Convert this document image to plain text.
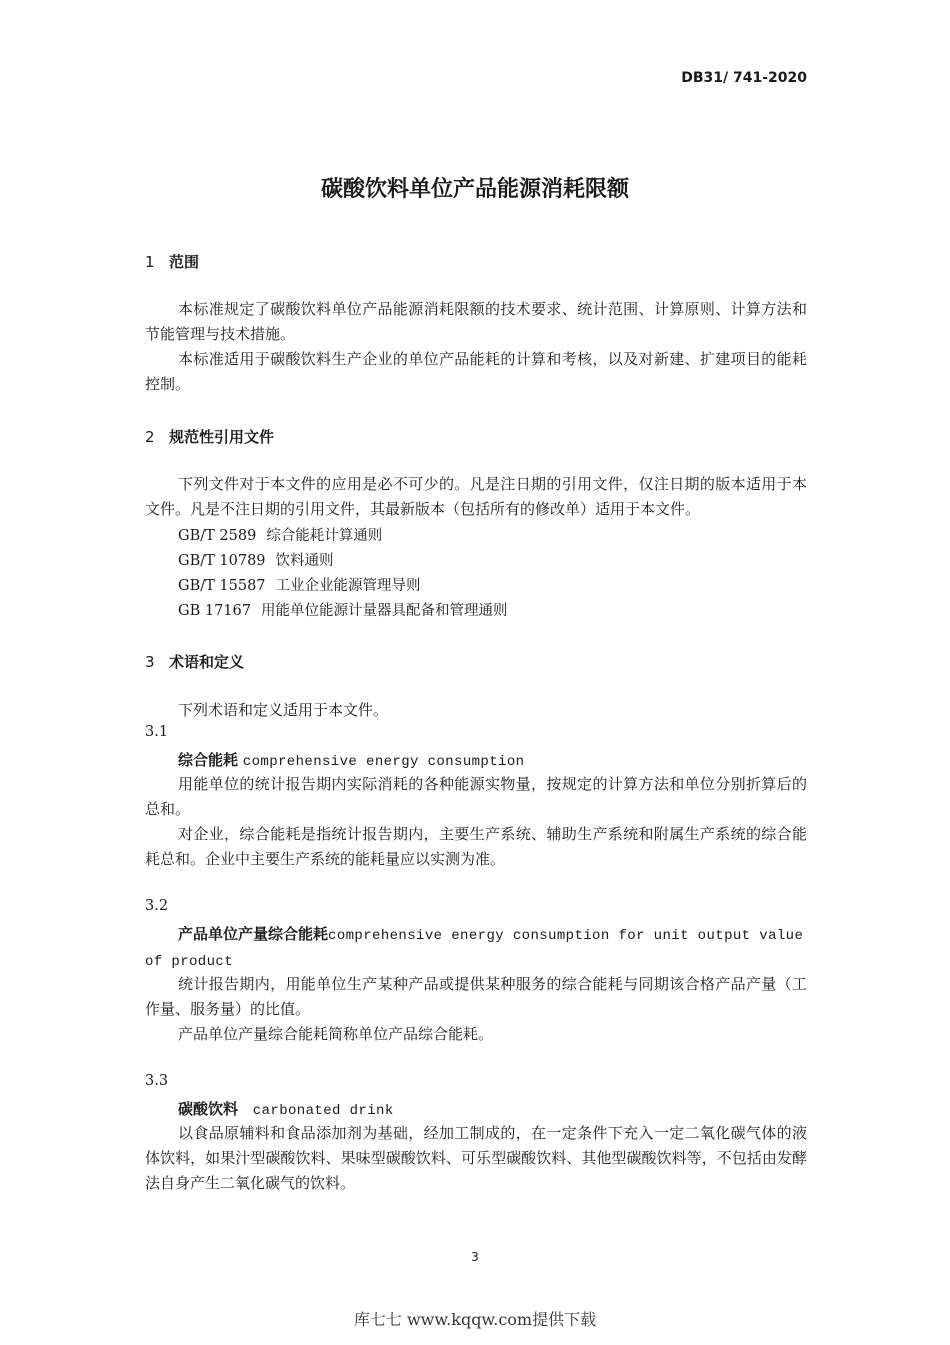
DB31/ 741-2020
碳酸饮料单位产品能源消耗限额
1 范围
本标准规定了碳酸饮料单位产品能源消耗限额的技术要求、统计范围、计算原则、计算方法和节能管理与技术措施。
本标准适用于碳酸饮料生产企业的单位产品能耗的计算和考核，以及对新建、扩建项目的能耗控制。
2 规范性引用文件
下列文件对于本文件的应用是必不可少的。凡是注日期的引用文件，仅注日期的版本适用于本文件。凡是不注日期的引用文件，其最新版本（包括所有的修改单）适用于本文件。
GB/T 2589 综合能耗计算通则
GB/T 10789 饮料通则
GB/T 15587 工业企业能源管理导则
GB 17167 用能单位能源计量器具配备和管理通则
3 术语和定义
下列术语和定义适用于本文件。
3.1
综合能耗 comprehensive energy consumption
用能单位的统计报告期内实际消耗的各种能源实物量，按规定的计算方法和单位分别折算后的总和。
对企业，综合能耗是指统计报告期内，主要生产系统、辅助生产系统和附属生产系统的综合能耗总和。企业中主要生产系统的能耗量应以实测为准。
3.2
产品单位产量综合能耗comprehensive energy consumption for unit output value of product
统计报告期内，用能单位生产某种产品或提供某种服务的综合能耗与同期该合格产品产量（工作量、服务量）的比值。
产品单位产量综合能耗简称单位产品综合能耗。
3.3
碳酸饮料 carbonated drink
以食品原辅料和食品添加剂为基础，经加工制成的，在一定条件下充入一定二氧化碳气体的液体饮料，如果汁型碳酸饮料、果味型碳酸饮料、可乐型碳酸饮料、其他型碳酸饮料等，不包括由发酵法自身产生二氧化碳气的饮料。
3
库七七 www.kqqw.com提供下载
